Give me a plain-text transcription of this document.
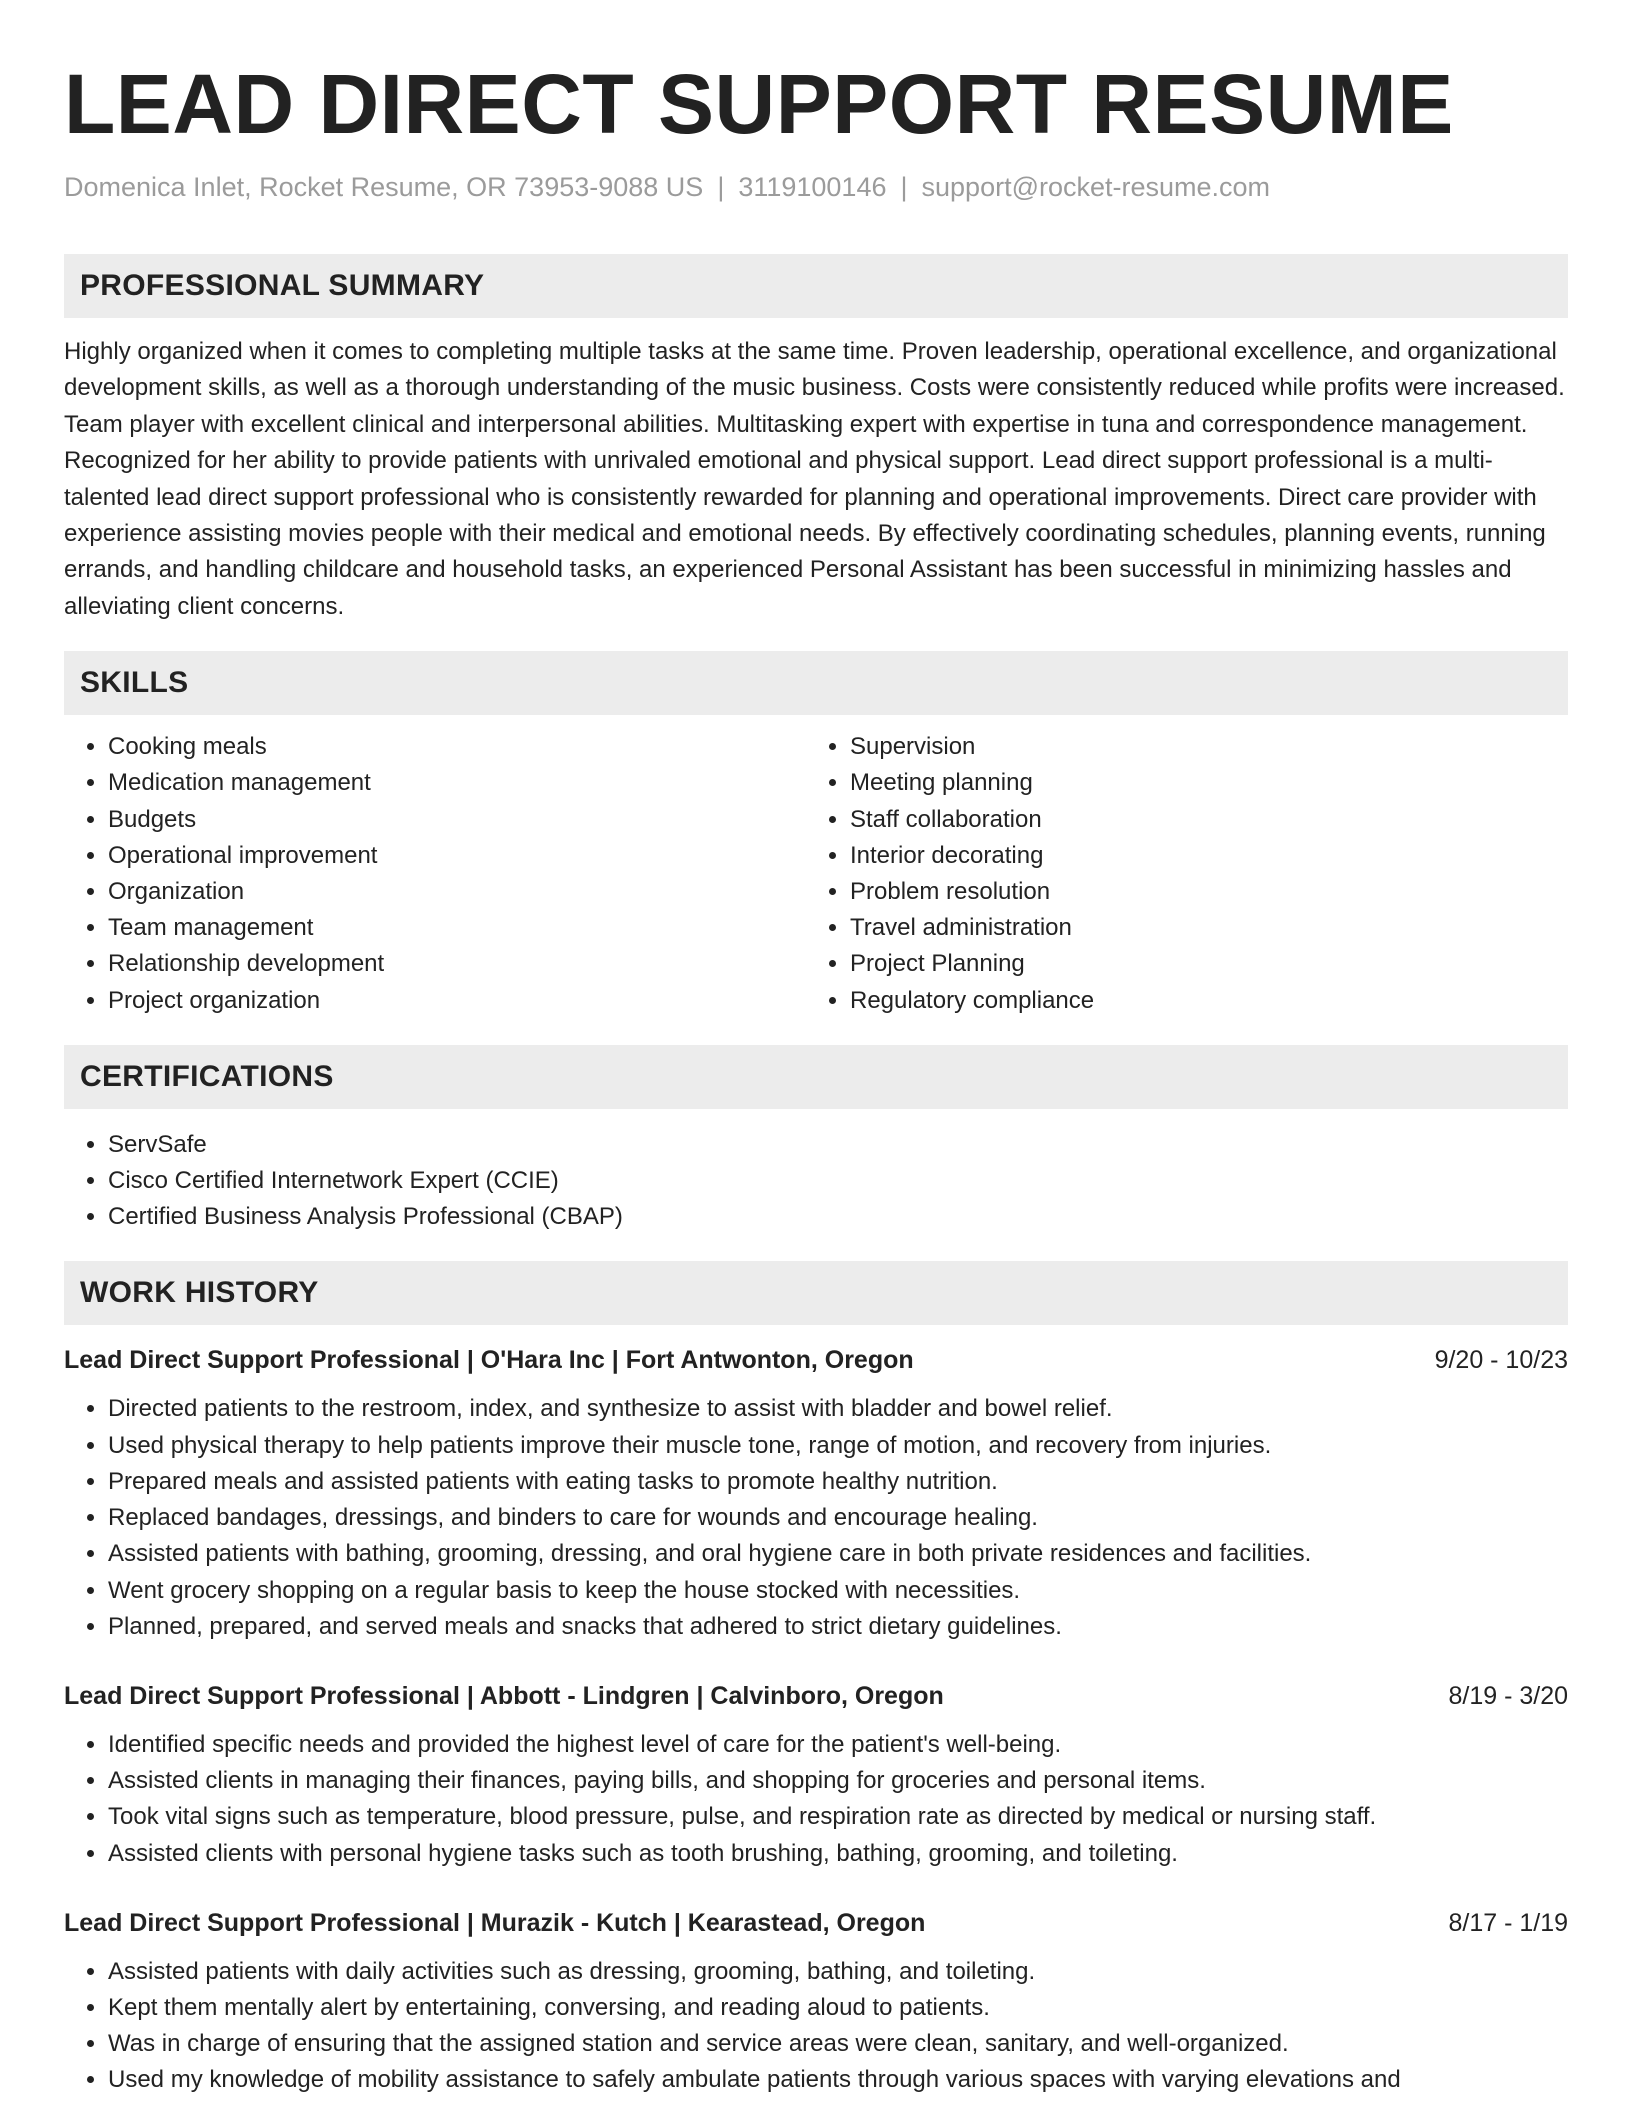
LEAD DIRECT SUPPORT RESUME
Domenica Inlet, Rocket Resume, OR 73953-9088 US | 3119100146 | support@rocket-resume.com
PROFESSIONAL SUMMARY
Highly organized when it comes to completing multiple tasks at the same time. Proven leadership, operational excellence, and organizational development skills, as well as a thorough understanding of the music business. Costs were consistently reduced while profits were increased. Team player with excellent clinical and interpersonal abilities. Multitasking expert with expertise in tuna and correspondence management. Recognized for her ability to provide patients with unrivaled emotional and physical support. Lead direct support professional is a multi-talented lead direct support professional who is consistently rewarded for planning and operational improvements. Direct care provider with experience assisting movies people with their medical and emotional needs. By effectively coordinating schedules, planning events, running errands, and handling childcare and household tasks, an experienced Personal Assistant has been successful in minimizing hassles and alleviating client concerns.
SKILLS
• Cooking meals
• Medication management
• Budgets
• Operational improvement
• Organization
• Team management
• Relationship development
• Project organization
• Supervision
• Meeting planning
• Staff collaboration
• Interior decorating
• Problem resolution
• Travel administration
• Project Planning
• Regulatory compliance
CERTIFICATIONS
• ServSafe
• Cisco Certified Internetwork Expert (CCIE)
• Certified Business Analysis Professional (CBAP)
WORK HISTORY
Lead Direct Support Professional | O'Hara Inc | Fort Antwonton, Oregon	9/20 - 10/23
• Directed patients to the restroom, index, and synthesize to assist with bladder and bowel relief.
• Used physical therapy to help patients improve their muscle tone, range of motion, and recovery from injuries.
• Prepared meals and assisted patients with eating tasks to promote healthy nutrition.
• Replaced bandages, dressings, and binders to care for wounds and encourage healing.
• Assisted patients with bathing, grooming, dressing, and oral hygiene care in both private residences and facilities.
• Went grocery shopping on a regular basis to keep the house stocked with necessities.
• Planned, prepared, and served meals and snacks that adhered to strict dietary guidelines.
Lead Direct Support Professional | Abbott - Lindgren | Calvinboro, Oregon	8/19 - 3/20
• Identified specific needs and provided the highest level of care for the patient's well-being.
• Assisted clients in managing their finances, paying bills, and shopping for groceries and personal items.
• Took vital signs such as temperature, blood pressure, pulse, and respiration rate as directed by medical or nursing staff.
• Assisted clients with personal hygiene tasks such as tooth brushing, bathing, grooming, and toileting.
Lead Direct Support Professional | Murazik - Kutch | Kearastead, Oregon	8/17 - 1/19
• Assisted patients with daily activities such as dressing, grooming, bathing, and toileting.
• Kept them mentally alert by entertaining, conversing, and reading aloud to patients.
• Was in charge of ensuring that the assigned station and service areas were clean, sanitary, and well-organized.
• Used my knowledge of mobility assistance to safely ambulate patients through various spaces with varying elevations and
